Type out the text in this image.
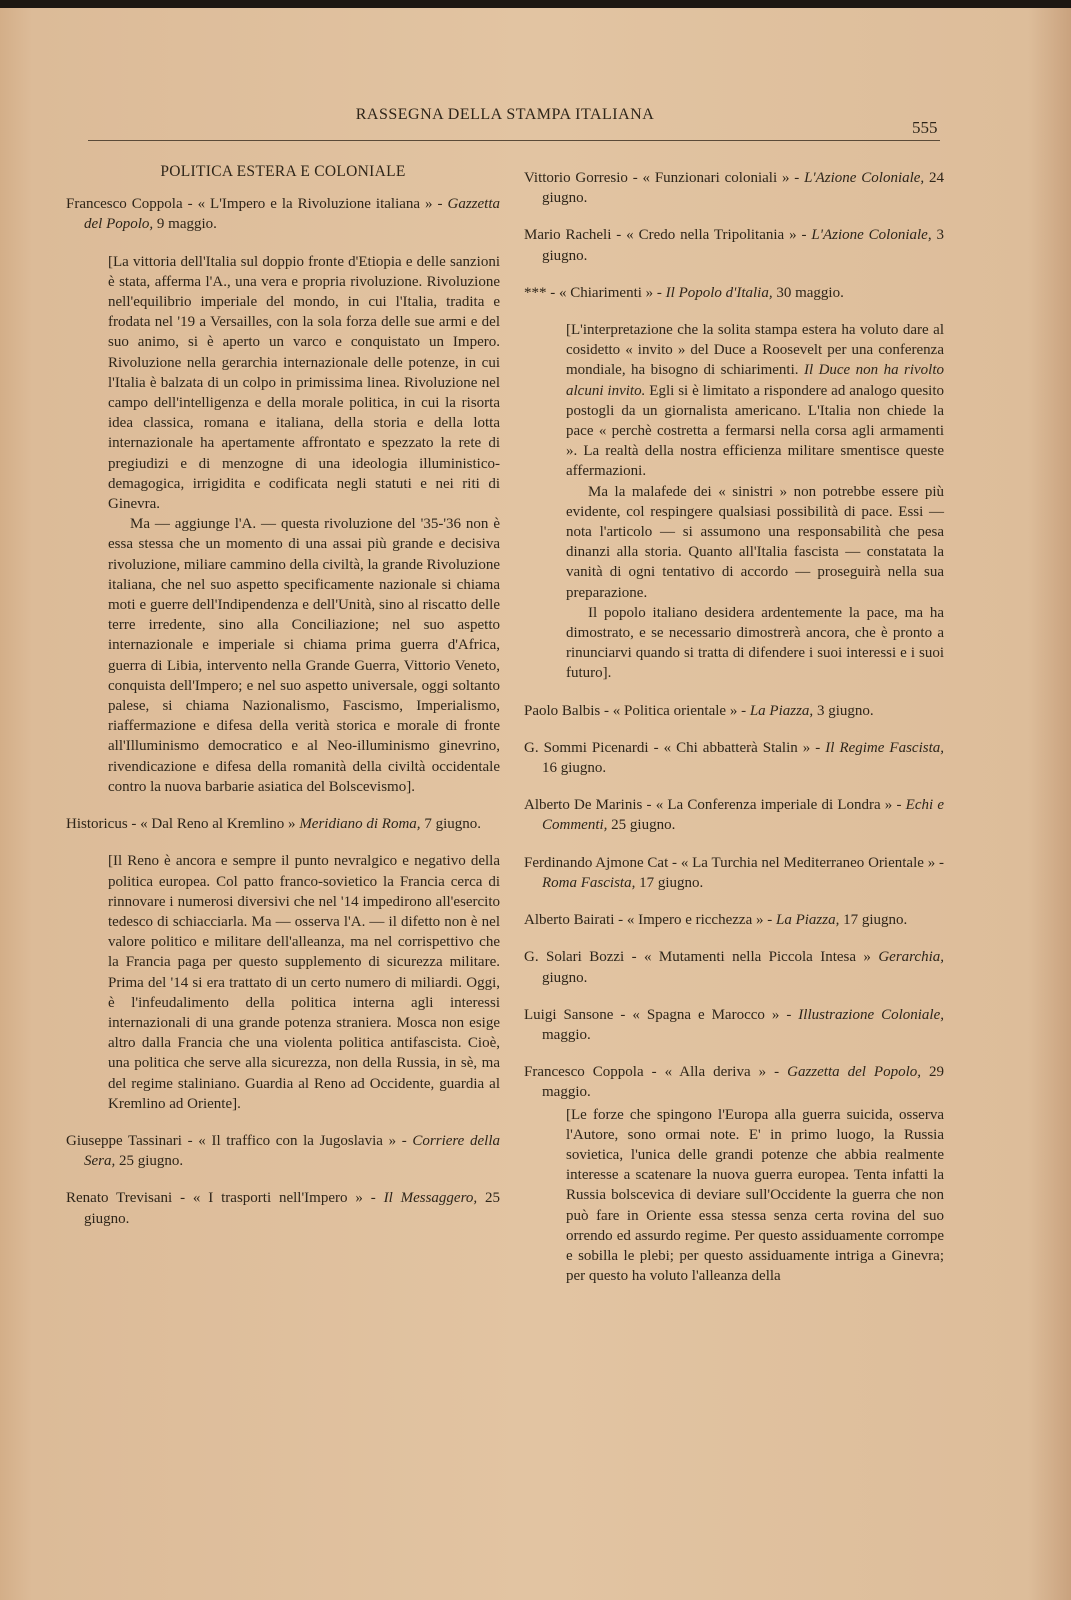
RASSEGNA DELLA STAMPA ITALIANA
555
POLITICA ESTERA E COLONIALE
Francesco Coppola - « L'Impero e la Rivoluzione italiana » - Gazzetta del Popolo, 9 maggio.

[La vittoria dell'Italia sul doppio fronte d'Etiopia e delle sanzioni è stata, afferma l'A., una vera e propria rivoluzione. Rivoluzione nell'equilibrio imperiale del mondo, in cui l'Italia, tradita e frodata nel '19 a Versailles, con la sola forza delle sue armi e del suo animo, si è aperto un varco e conquistato un Impero. Rivoluzione nella gerarchia internazionale delle potenze, in cui l'Italia è balzata di un colpo in primissima linea. Rivoluzione nel campo dell'intelligenza e della morale politica, in cui la risorta idea classica, romana e italiana, della storia e della lotta internazionale ha apertamente affrontato e spezzato la rete di pregiudizi e di menzogne di una ideologia illuministico-demagogica, irrigidita e codificata negli statuti e nei riti di Ginevra.

Ma — aggiunge l'A. — questa rivoluzione del '35-'36 non è essa stessa che un momento di una assai più grande e decisiva rivoluzione, miliare cammino della civiltà, la grande Rivoluzione italiana, che nel suo aspetto specificamente nazionale si chiama moti e guerre dell'Indipendenza e dell'Unità, sino al riscatto delle terre irredente, sino alla Conciliazione; nel suo aspetto internazionale e imperiale si chiama prima guerra d'Africa, guerra di Libia, intervento nella Grande Guerra, Vittorio Veneto, conquista dell'Impero; e nel suo aspetto universale, oggi soltanto palese, si chiama Nazionalismo, Fascismo, Imperialismo, riaffermazione e difesa della verità storica e morale di fronte all'Illuminismo democratico e al Neo-illuminismo ginevrino, rivendicazione e difesa della romanità della civiltà occidentale contro la nuova barbarie asiatica del Bolscevismo].

Historicus - « Dal Reno al Kremlino » Meridiano di Roma, 7 giugno.

[Il Reno è ancora e sempre il punto nevralgico e negativo della politica europea. Col patto franco-sovietico la Francia cerca di rinnovare i numerosi diversivi che nel '14 impedirono all'esercito tedesco di schiacciarla. Ma — osserva l'A. — il difetto non è nel valore politico e militare dell'alleanza, ma nel corrispettivo che la Francia paga per questo supplemento di sicurezza militare. Prima del '14 si era trattato di un certo numero di miliardi. Oggi, è l'infeudalimento della politica interna agli interessi internazionali di una grande potenza straniera. Mosca non esige altro dalla Francia che una violenta politica antifascista. Cioè, una politica che serve alla sicurezza, non della Russia, in sè, ma del regime staliniano. Guardia al Reno ad Occidente, guardia al Kremlino ad Oriente].

Giuseppe Tassinari - « Il traffico con la Jugoslavia » - Corriere della Sera, 25 giugno.
Renato Trevisani - « I trasporti nell'Impero » - Il Messaggero, 25 giugno.
Vittorio Gorresio - « Funzionari coloniali » - L'Azione Coloniale, 24 giugno.
Mario Racheli - « Credo nella Tripolitania » - L'Azione Coloniale, 3 giugno.
*** - « Chiarimenti » - Il Popolo d'Italia, 30 maggio.

[L'interpretazione che la solita stampa estera ha voluto dare al cosidetto « invito » del Duce a Roosevelt per una conferenza mondiale, ha bisogno di schiarimenti. Il Duce non ha rivolto alcuni invito. Egli si è limitato a rispondere ad analogo quesito postogli da un giornalista americano. L'Italia non chiede la pace « perchè costretta a fermarsi nella corsa agli armamenti ». La realtà della nostra efficienza militare smentisce queste affermazioni.

Ma la malafede dei « sinistri » non potrebbe essere più evidente, col respingere qualsiasi possibilità di pace. Essi — nota l'articolo — si assumono una responsabilità che pesa dinanzi alla storia. Quanto all'Italia fascista — constatata la vanità di ogni tentativo di accordo — proseguirà nella sua preparazione.

Il popolo italiano desidera ardentemente la pace, ma ha dimostrato, e se necessario dimostrerà ancora, che è pronto a rinunciarvi quando si tratta di difendere i suoi interessi e i suoi futuro].

Paolo Balbis - « Politica orientale » - La Piazza, 3 giugno.
G. Sommi Picenardi - « Chi abbatterà Stalin » - Il Regime Fascista, 16 giugno.
Alberto De Marinis - « La Conferenza imperiale di Londra » - Echi e Commenti, 25 giugno.
Ferdinando Ajmone Cat - « La Turchia nel Mediterraneo Orientale » - Roma Fascista, 17 giugno.
Alberto Bairati - « Impero e ricchezza » - La Piazza, 17 giugno.
G. Solari Bozzi - « Mutamenti nella Piccola Intesa » Gerarchia, giugno.
Luigi Sansone - « Spagna e Marocco » - Illustrazione Coloniale, maggio.
Francesco Coppola - « Alla deriva » - Gazzetta del Popolo, 29 maggio.

[Le forze che spingono l'Europa alla guerra suicida, osserva l'Autore, sono ormai note. E' in primo luogo, la Russia sovietica, l'unica delle grandi potenze che abbia realmente interesse a scatenare la nuova guerra europea. Tenta infatti la Russia bolscevica di deviare sull'Occidente la guerra che non può fare in Oriente essa stessa senza certa rovina del suo orrendo ed assurdo regime. Per questo assiduamente corrompe e sobilla le plebi; per questo assiduamente intriga a Ginevra; per questo ha voluto l'alleanza della
